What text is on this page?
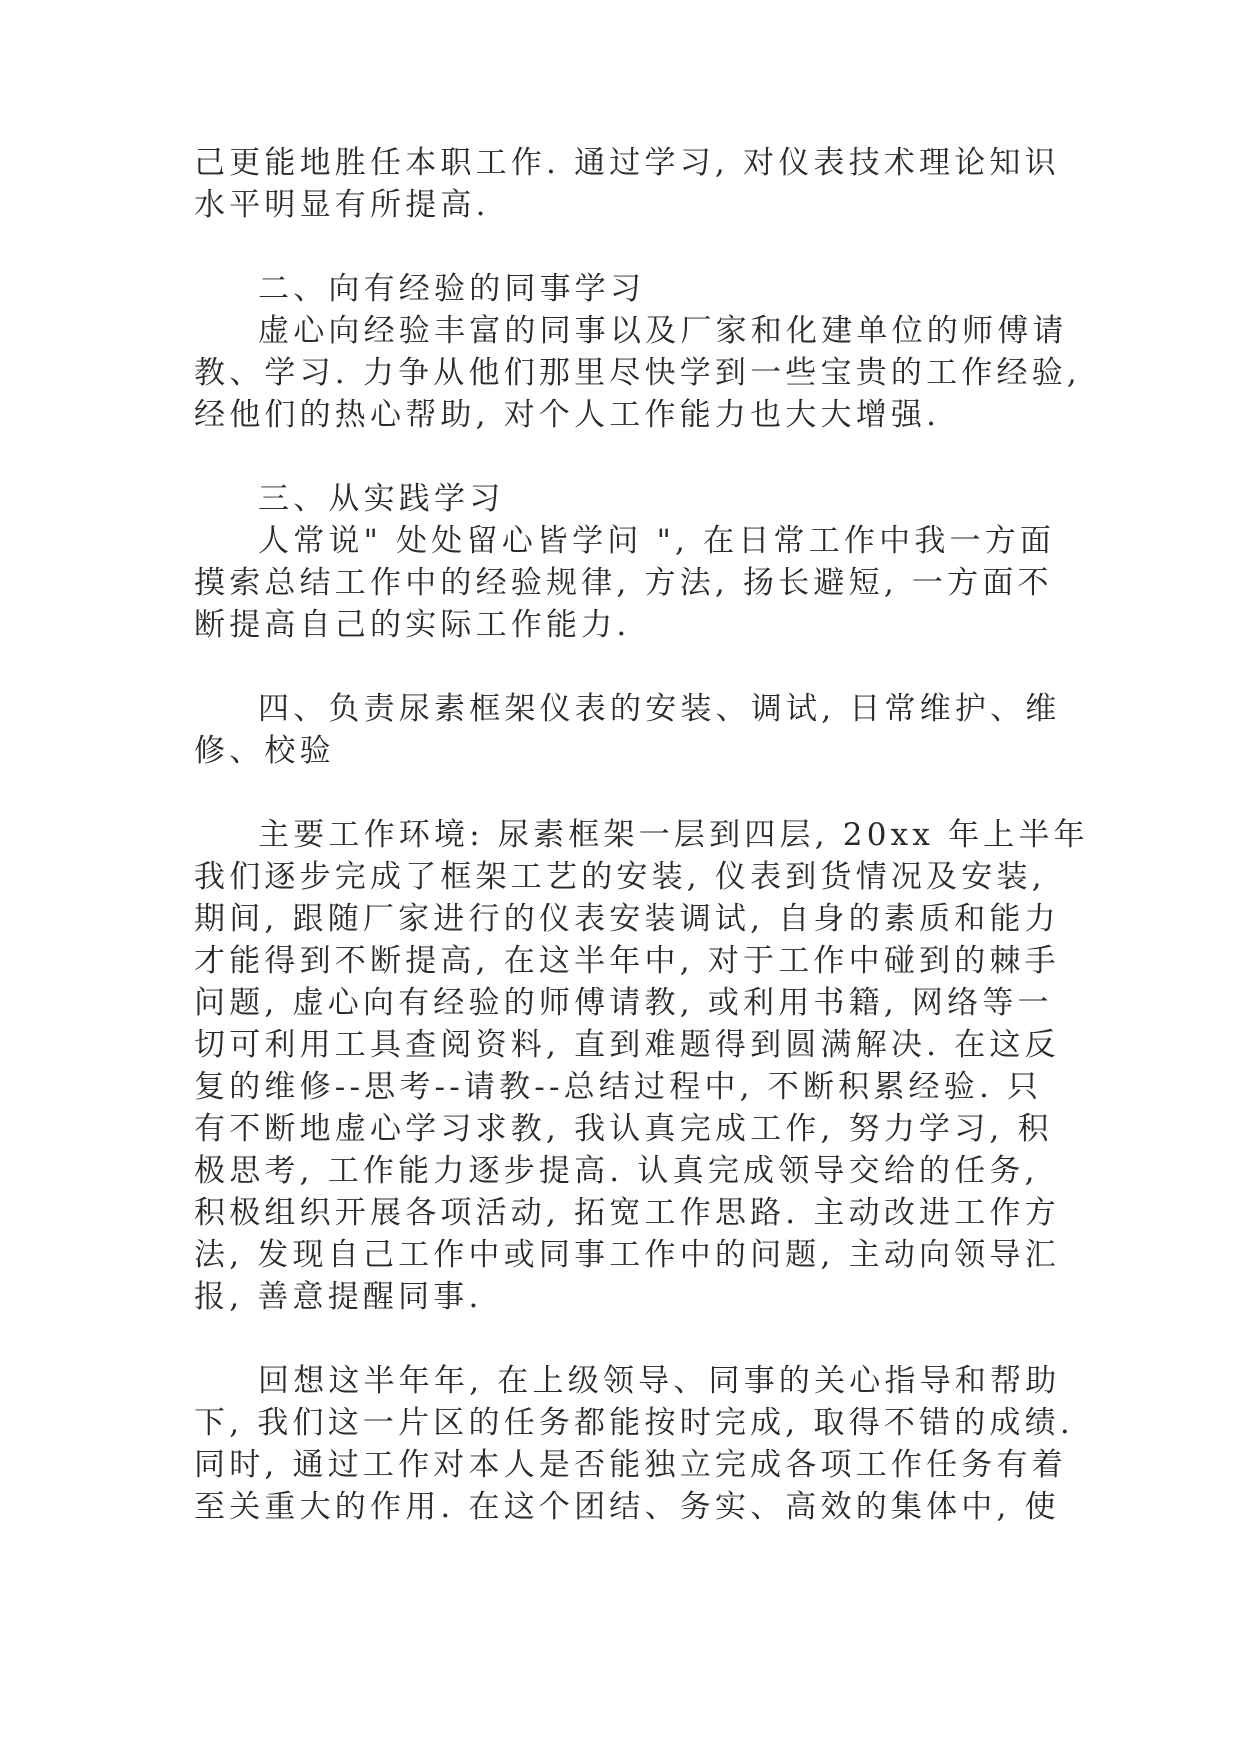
己更能地胜任本职工作. 通过学习, 对仪表技术理论知识
水平明显有所提高.
二、向有经验的同事学习
虚心向经验丰富的同事以及厂家和化建单位的师傅请
教、学习. 力争从他们那里尽快学到一些宝贵的工作经验,
经他们的热心帮助, 对个人工作能力也大大增强.
三、从实践学习
人常说" 处处留心皆学问 ", 在日常工作中我一方面
摸索总结工作中的经验规律, 方法, 扬长避短, 一方面不
断提高自己的实际工作能力.
四、负责尿素框架仪表的安装、调试, 日常维护、维
修、校验
主要工作环境: 尿素框架一层到四层, 20xx 年上半年
我们逐步完成了框架工艺的安装, 仪表到货情况及安装,
期间, 跟随厂家进行的仪表安装调试, 自身的素质和能力
才能得到不断提高, 在这半年中, 对于工作中碰到的棘手
问题, 虚心向有经验的师傅请教, 或利用书籍, 网络等一
切可利用工具查阅资料, 直到难题得到圆满解决. 在这反
复的维修--思考--请教--总结过程中, 不断积累经验. 只
有不断地虚心学习求教, 我认真完成工作, 努力学习, 积
极思考, 工作能力逐步提高. 认真完成领导交给的任务,
积极组织开展各项活动, 拓宽工作思路. 主动改进工作方
法, 发现自己工作中或同事工作中的问题, 主动向领导汇
报, 善意提醒同事.
回想这半年年, 在上级领导、同事的关心指导和帮助
下, 我们这一片区的任务都能按时完成, 取得不错的成绩.
同时, 通过工作对本人是否能独立完成各项工作任务有着
至关重大的作用. 在这个团结、务实、高效的集体中, 使
